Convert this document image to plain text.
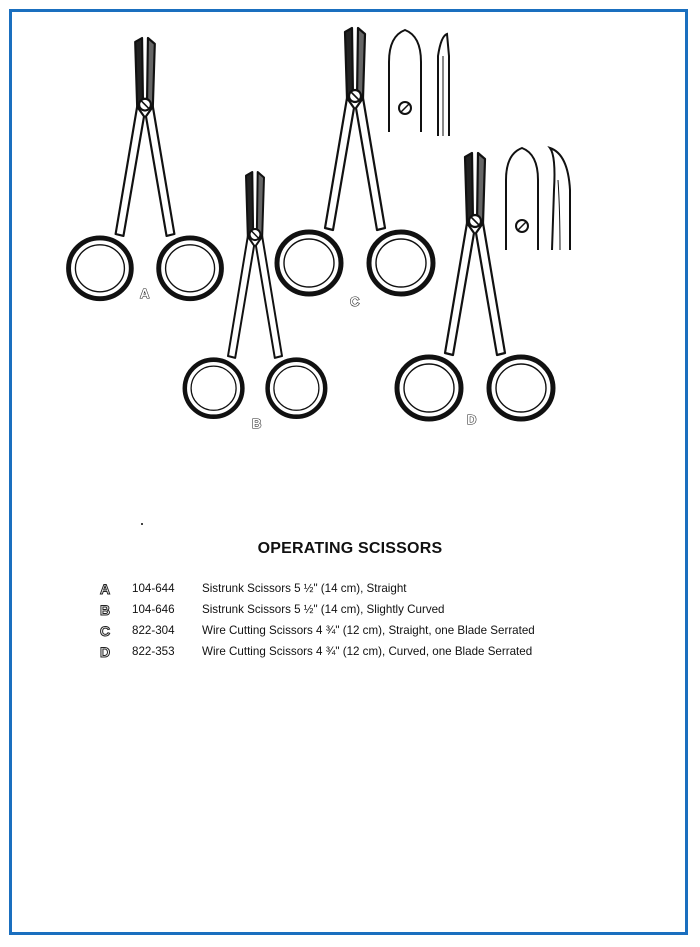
A
B
C
D
OPERATING SCISSORS
A	104-644	Sistrunk Scissors 5 ½" (14 cm), Straight
B	104-646	Sistrunk Scissors 5 ½" (14 cm), Slightly Curved
C	822-304	Wire Cutting Scissors 4 ¾" (12 cm), Straight, one Blade Serrated
D	822-353	Wire Cutting Scissors 4 ¾" (12 cm), Curved, one Blade Serrated
